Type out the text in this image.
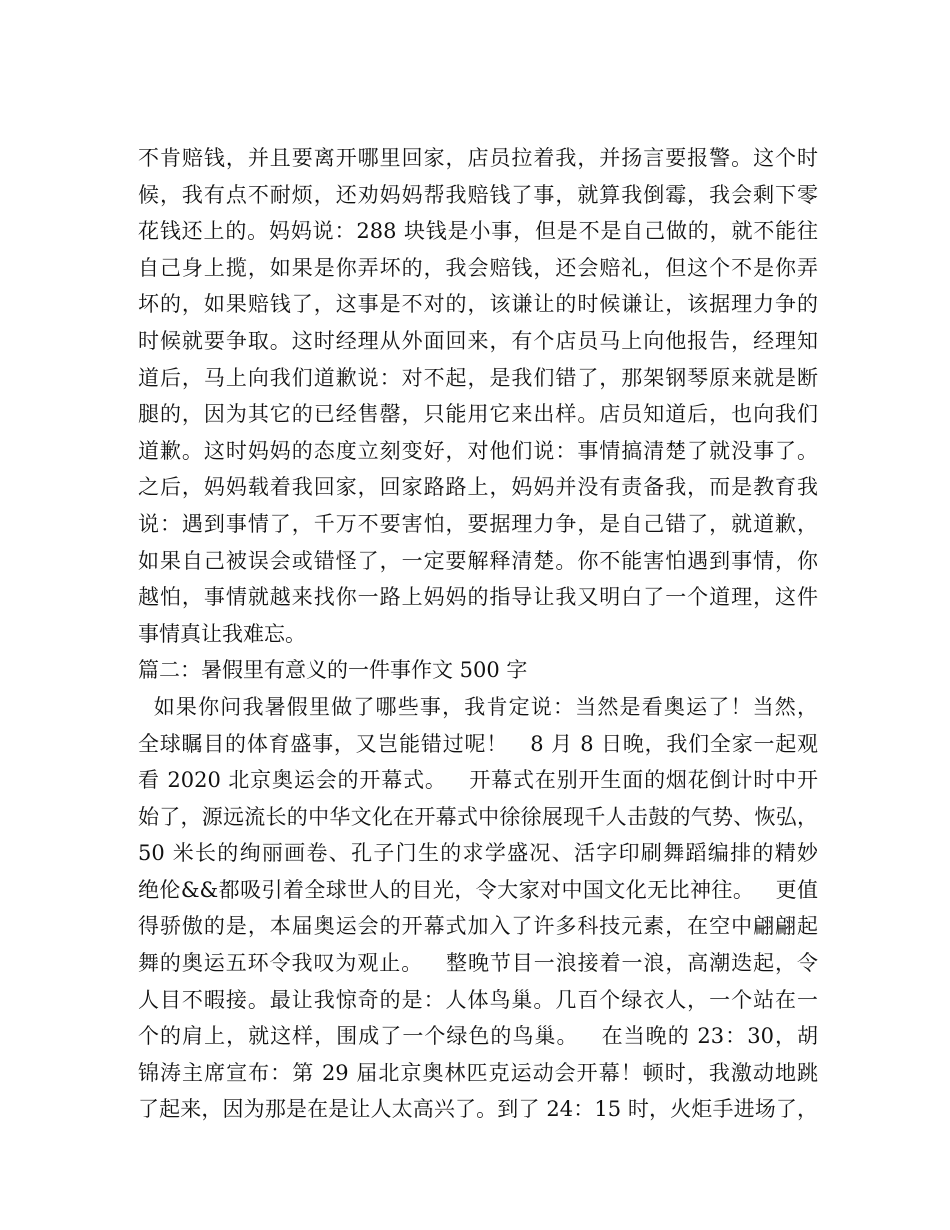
不肯赔钱，并且要离开哪里回家，店员拉着我，并扬言要报警。这个时
候，我有点不耐烦，还劝妈妈帮我赔钱了事，就算我倒霉，我会剩下零
花钱还上的。妈妈说：288 块钱是小事，但是不是自己做的，就不能往
自己身上揽，如果是你弄坏的，我会赔钱，还会赔礼，但这个不是你弄
坏的，如果赔钱了，这事是不对的，该谦让的时候谦让，该据理力争的
时候就要争取。这时经理从外面回来，有个店员马上向他报告，经理知
道后，马上向我们道歉说：对不起，是我们错了，那架钢琴原来就是断
腿的，因为其它的已经售罄，只能用它来出样。店员知道后，也向我们
道歉。这时妈妈的态度立刻变好，对他们说：事情搞清楚了就没事了。
之后，妈妈载着我回家，回家路路上，妈妈并没有责备我，而是教育我
说：遇到事情了，千万不要害怕，要据理力争，是自己错了，就道歉，
如果自己被误会或错怪了，一定要解释清楚。你不能害怕遇到事情，你
越怕，事情就越来找你一路上妈妈的指导让我又明白了一个道理，这件
事情真让我难忘。
篇二：暑假里有意义的一件事作文 500 字
如果你问我暑假里做了哪些事，我肯定说：当然是看奥运了！当然，
全球瞩目的体育盛事，又岂能错过呢！   8 月 8 日晚，我们全家一起观
看 2020 北京奥运会的开幕式。   开幕式在别开生面的烟花倒计时中开
始了，源远流长的中华文化在开幕式中徐徐展现千人击鼓的气势、恢弘，
50 米长的绚丽画卷、孔子门生的求学盛况、活字印刷舞蹈编排的精妙
绝伦&&都吸引着全球世人的目光，令大家对中国文化无比神往。   更值
得骄傲的是，本届奥运会的开幕式加入了许多科技元素，在空中翩翩起
舞的奥运五环令我叹为观止。   整晚节目一浪接着一浪，高潮迭起，令
人目不暇接。最让我惊奇的是：人体鸟巢。几百个绿衣人，一个站在一
个的肩上，就这样，围成了一个绿色的鸟巢。   在当晚的 23：30，胡
锦涛主席宣布：第 29 届北京奥林匹克运动会开幕！顿时，我激动地跳
了起来，因为那是在是让人太高兴了。到了 24：15 时，火炬手进场了，
